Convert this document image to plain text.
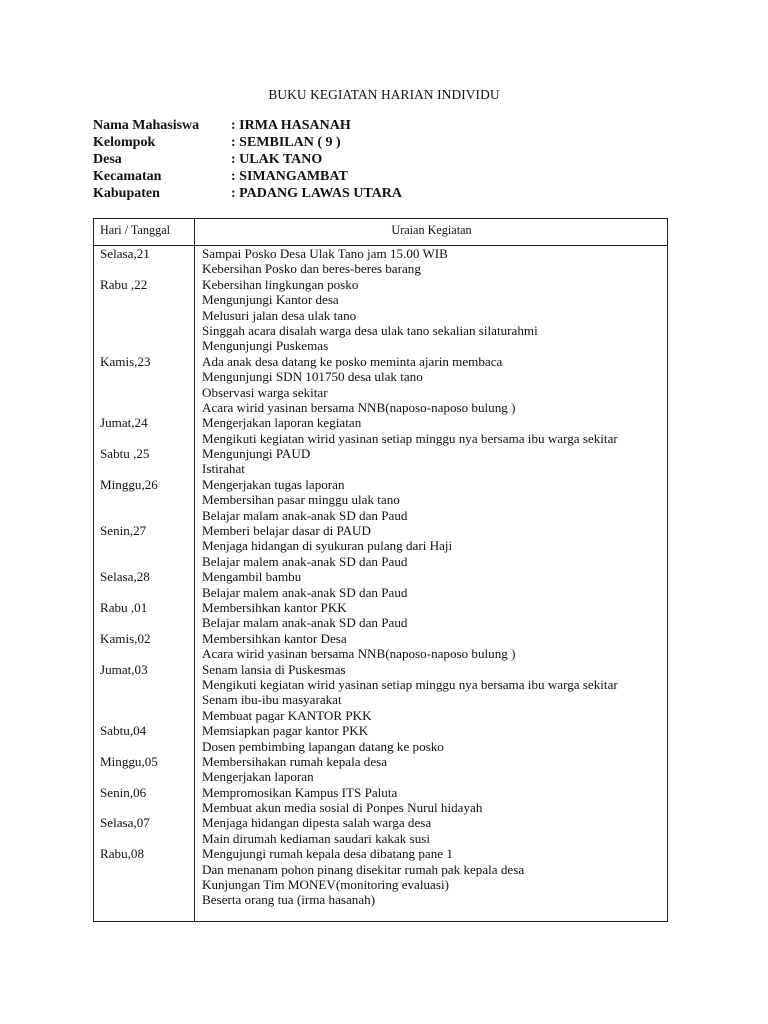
BUKU KEGIATAN HARIAN INDIVIDU
Nama Mahasiswa : IRMA HASANAH
Kelompok	: SEMBILAN ( 9 )
Desa	: ULAK TANO
Kecamatan	: SIMANGAMBAT
Kabupaten	: PADANG LAWAS UTARA
Hari / Tanggal	Uraian Kegiatan
Selasa,21	Sampai Posko Desa Ulak Tano jam 15.00 WIB
Kebersihan Posko dan beres-beres barang
Rabu ,22	Kebersihan lingkungan posko
Mengunjungi Kantor desa
Melusuri jalan desa ulak tano
Singgah acara disalah warga desa ulak tano sekalian silaturahmi
Mengunjungi Puskemas
Kamis,23	Ada anak desa datang ke posko meminta ajarin membaca
Mengunjungi SDN 101750 desa ulak tano
Observasi warga sekitar
Acara wirid yasinan bersama NNB(naposo-naposo bulung )
Jumat,24	Mengerjakan laporan kegiatan
Mengikuti kegiatan wirid yasinan setiap minggu nya bersama ibu warga sekitar
Sabtu ,25	Mengunjungi PAUD
Istirahat
Minggu,26	Mengerjakan tugas laporan
Membersihan pasar minggu ulak tano
Belajar malam anak-anak SD dan Paud
Senin,27	Memberi belajar dasar di PAUD
Menjaga hidangan di syukuran pulang dari Haji
Belajar malem anak-anak SD dan Paud
Selasa,28	Mengambil bambu
Belajar malem anak-anak SD dan Paud
Rabu ,01	Membersihkan kantor PKK
Belajar malam anak-anak SD dan Paud
Kamis,02	Membersihkan kantor Desa
Acara wirid yasinan bersama NNB(naposo-naposo bulung )
Jumat,03	Senam lansia di Puskesmas
Mengikuti kegiatan wirid yasinan setiap minggu nya bersama ibu warga sekitar
Senam ibu-ibu masyarakat
Membuat pagar KANTOR PKK
Sabtu,04	Memsiapkan pagar kantor PKK
Dosen pembimbing lapangan datang ke posko
Minggu,05	Membersihakan rumah kepala desa
Mengerjakan laporan
Senin,06	Mempromosikan Kampus ITS Paluta
Membuat akun media sosial di Ponpes Nurul hidayah
Selasa,07	Menjaga hidangan dipesta salah warga desa
Main dirumah kediaman saudari kakak susi
Rabu,08	Mengujungi rumah kepala desa dibatang pane 1
Dan menanam pohon pinang disekitar rumah pak kepala desa
Kunjungan Tim MONEV(monitoring evaluasi)
Beserta orang tua (irma hasanah)
